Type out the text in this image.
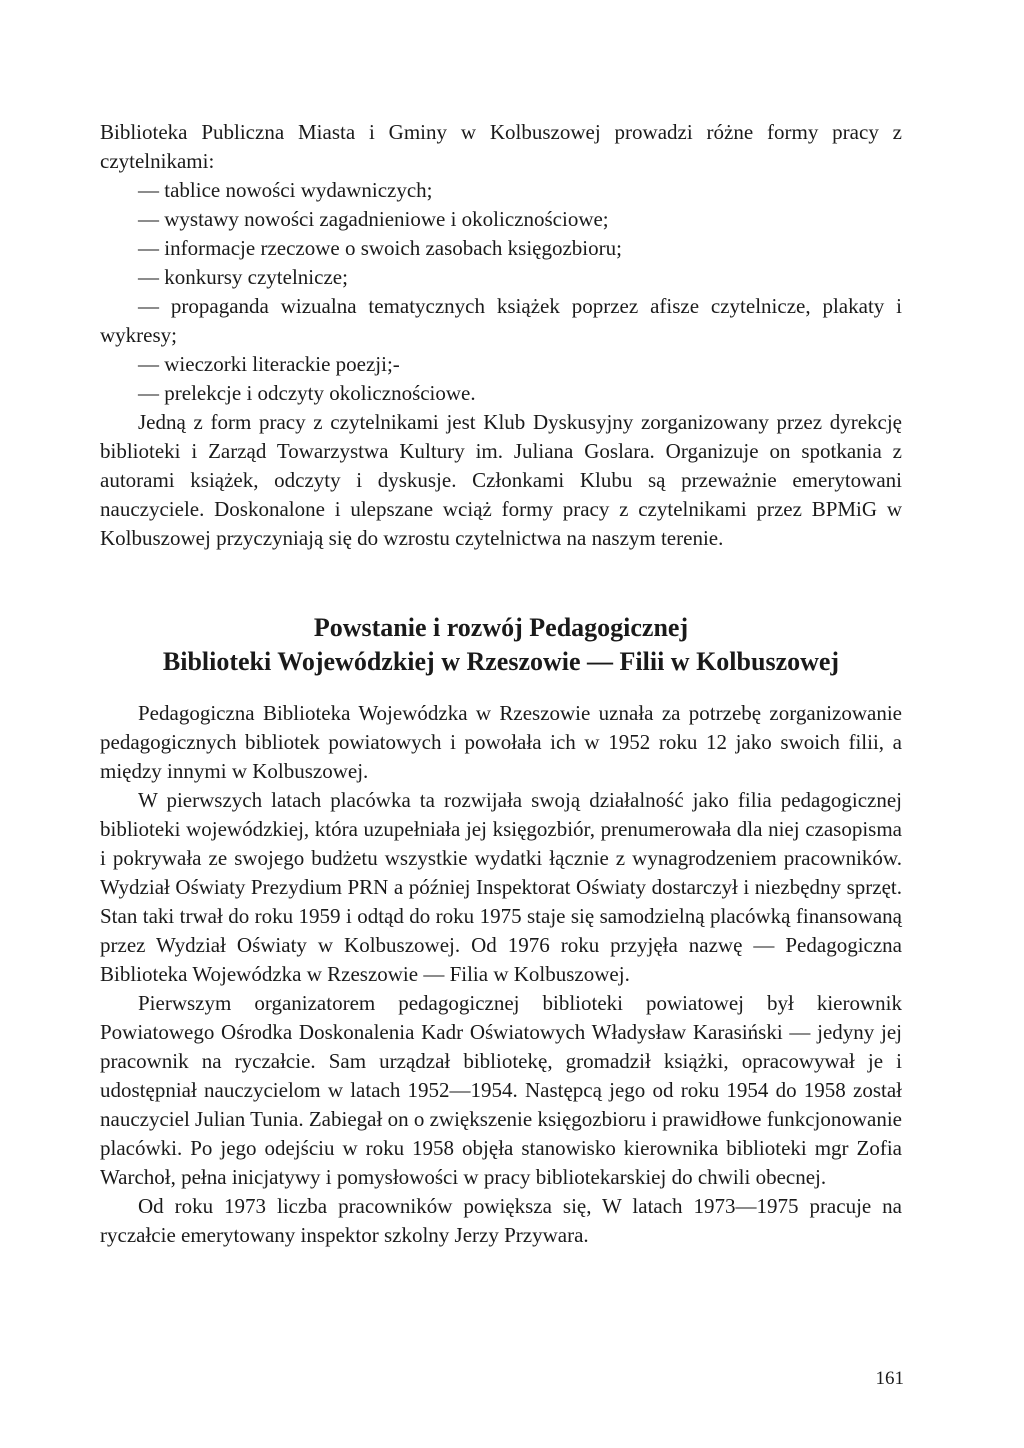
Biblioteka Publiczna Miasta i Gminy w Kolbuszowej prowadzi różne formy pracy z czytelnikami:

— tablice nowości wydawniczych;

— wystawy nowości zagadnieniowe i okolicznościowe;

— informacje rzeczowe o swoich zasobach księgozbioru;

— konkursy czytelnicze;

— propaganda wizualna tematycznych książek poprzez afisze czytelnicze, plakaty i wykresy;

— wieczorki literackie poezji;-

— prelekcje i odczyty okolicznościowe.

Jedną z form pracy z czytelnikami jest Klub Dyskusyjny zorganizowany przez dyrekcję biblioteki i Zarząd Towarzystwa Kultury im. Juliana Goslara. Organizuje on spotkania z autorami książek, odczyty i dyskusje. Członkami Klubu są przeważnie emerytowani nauczyciele. Doskonalone i ulepszane wciąż formy pracy z czytelnikami przez BPMiG w Kolbuszowej przyczyniają się do wzrostu czytelnictwa na naszym terenie.

Powstanie i rozwój Pedagogicznej
Biblioteki Wojewódzkiej w Rzeszowie — Filii w Kolbuszowej

Pedagogiczna Biblioteka Wojewódzka w Rzeszowie uznała za potrzebę zorganizowanie pedagogicznych bibliotek powiatowych i powołała ich w 1952 roku 12 jako swoich filii, a między innymi w Kolbuszowej.

W pierwszych latach placówka ta rozwijała swoją działalność jako filia pedagogicznej biblioteki wojewódzkiej, która uzupełniała jej księgozbiór, prenumerowała dla niej czasopisma i pokrywała ze swojego budżetu wszystkie wydatki łącznie z wynagrodzeniem pracowników. Wydział Oświaty Prezydium PRN a później Inspektorat Oświaty dostarczył i niezbędny sprzęt. Stan taki trwał do roku 1959 i odtąd do roku 1975 staje się samodzielną placówką finansowaną przez Wydział Oświaty w Kolbuszowej. Od 1976 roku przyjęła nazwę — Pedagogiczna Biblioteka Wojewódzka w Rzeszowie — Filia w Kolbuszowej.

Pierwszym organizatorem pedagogicznej biblioteki powiatowej był kierownik Powiatowego Ośrodka Doskonalenia Kadr Oświatowych Władysław Karasiński — jedyny jej pracownik na ryczałcie. Sam urządzał bibliotekę, gromadził książki, opracowywał je i udostępniał nauczycielom w latach 1952—1954. Następcą jego od roku 1954 do 1958 został nauczyciel Julian Tunia. Zabiegał on o zwiększenie księgozbioru i prawidłowe funkcjonowanie placówki. Po jego odejściu w roku 1958 objęła stanowisko kierownika biblioteki mgr Zofia Warchoł, pełna inicjatywy i pomysłowości w pracy bibliotekarskiej do chwili obecnej.

Od roku 1973 liczba pracowników powiększa się, W latach 1973—1975 pracuje na ryczałcie emerytowany inspektor szkolny Jerzy Przywara.

161
